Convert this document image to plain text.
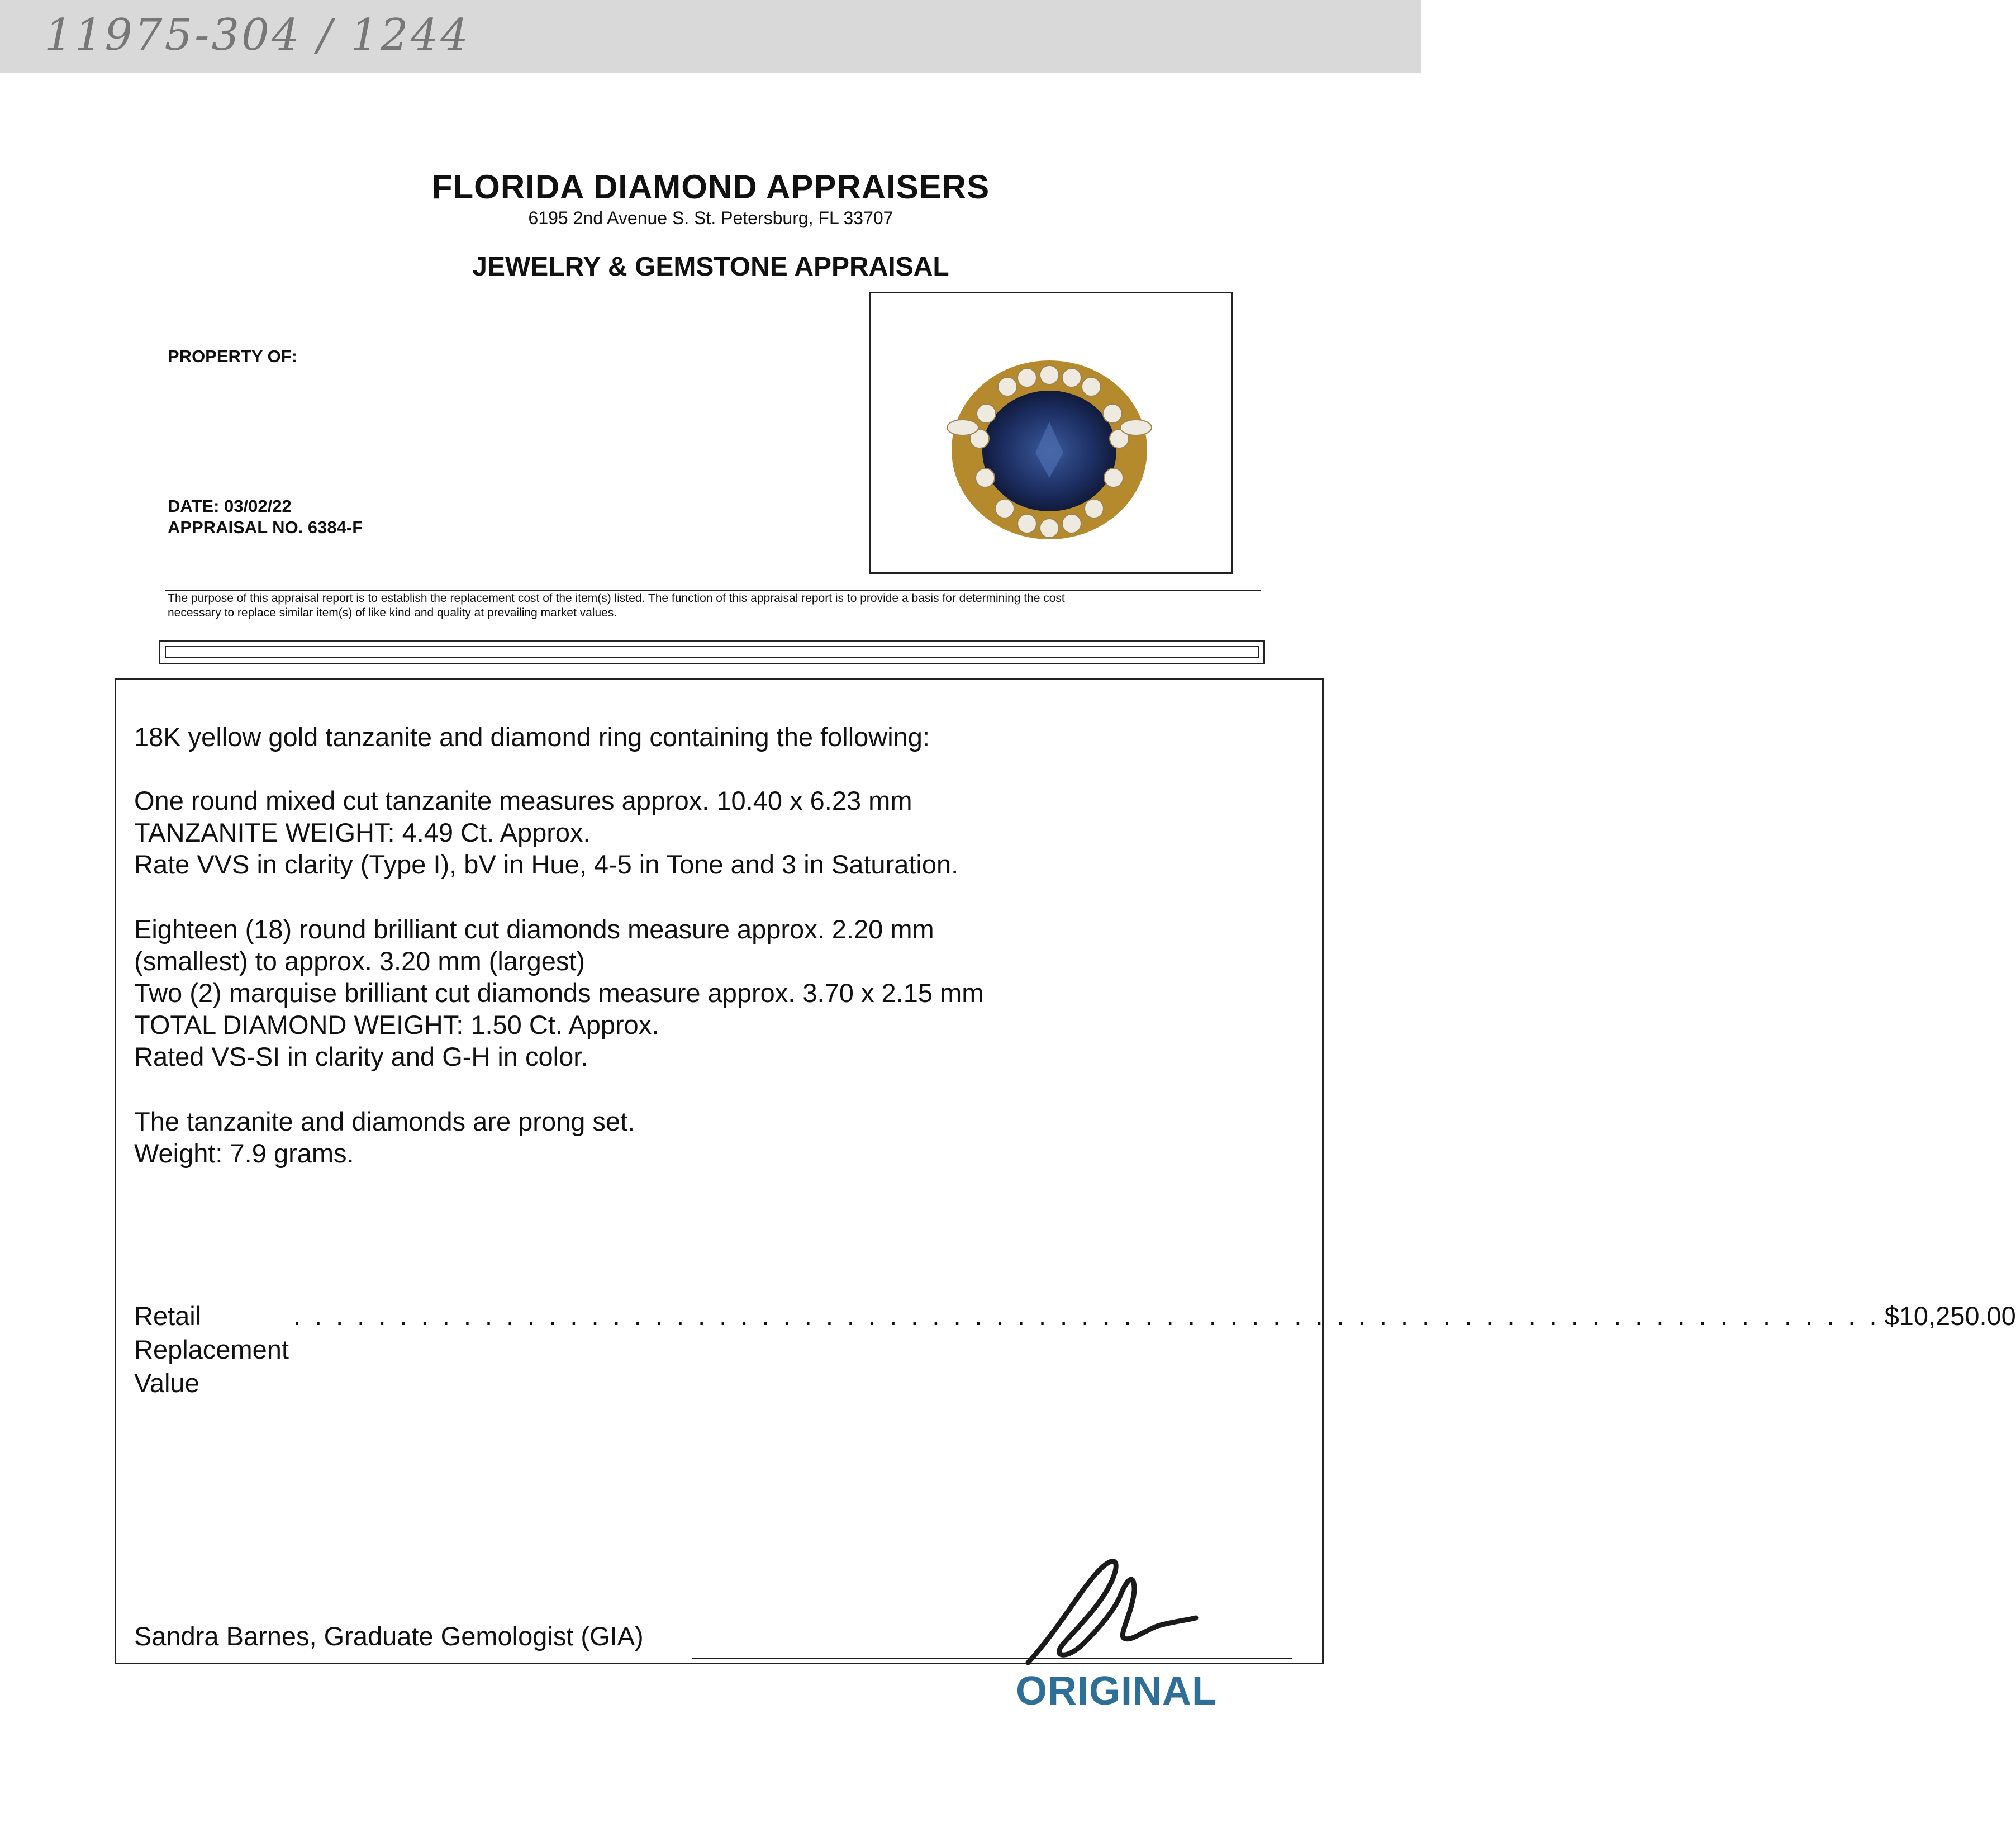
11975-304 / 1244
FLORIDA DIAMOND APPRAISERS
6195 2nd Avenue S. St. Petersburg, FL 33707
JEWELRY & GEMSTONE APPRAISAL
PROPERTY OF:
DATE: 03/02/22
APPRAISAL NO. 6384-F
The purpose of this appraisal report is to establish the replacement cost of the item(s) listed. The function of this appraisal report is to provide a basis for determining the cost
necessary to replace similar item(s) of like kind and quality at prevailing market values.
18K yellow gold tanzanite and diamond ring containing the following:
One round mixed cut tanzanite measures approx. 10.40 x 6.23 mm
TANZANITE WEIGHT: 4.49 Ct. Approx.
Rate VVS in clarity (Type I), bV in Hue, 4-5 in Tone and 3 in Saturation.
Eighteen (18) round brilliant cut diamonds measure approx. 2.20 mm
(smallest) to approx. 3.20 mm (largest)
Two (2) marquise brilliant cut diamonds measure approx. 3.70 x 2.15 mm
TOTAL DIAMOND WEIGHT: 1.50 Ct. Approx.
Rated VS-SI in clarity and G-H in color.
The tanzanite and diamonds are prong set.
Weight: 7.9 grams.
Retail Replacement Value
. . . . . . . . . . . . . . . . . . . . . . . . . . . . . . . . . . . . . . . . . . . . . . . . . . . . . . . . . . . . . . . . . . . . . . . . . . . $10,250.00
Sandra Barnes, Graduate Gemologist (GIA)
ORIGINAL
